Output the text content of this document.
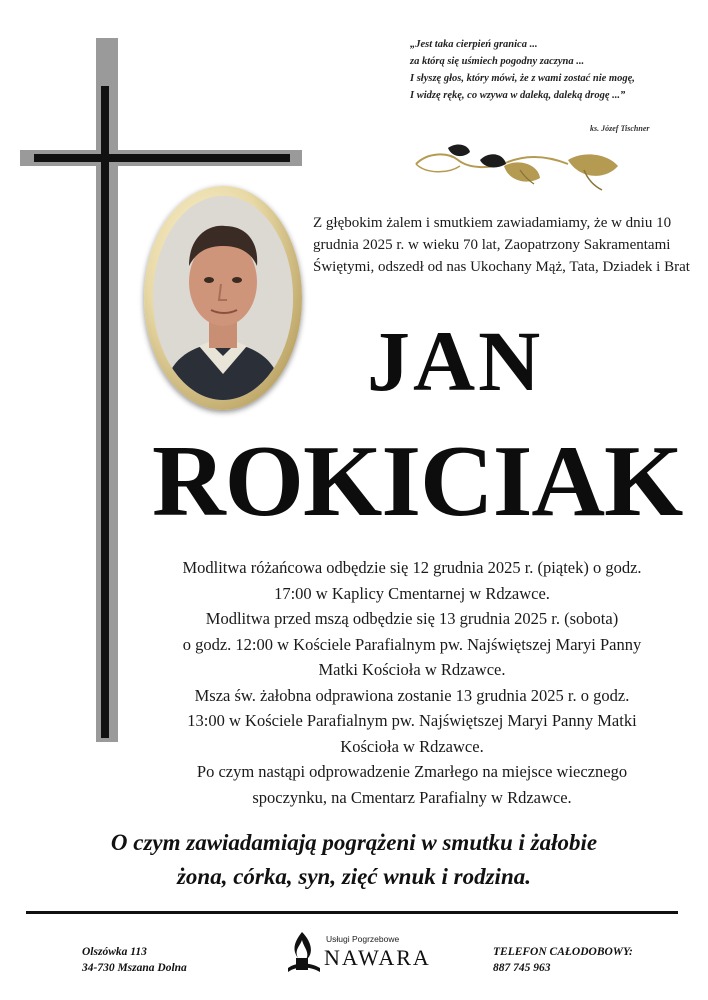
„Jest taka cierpień granica ...
za którą się uśmiech pogodny zaczyna ...
I słyszę głos, który mówi, że z wami zostać nie mogę,
I widzę rękę, co wzywa w daleką, daleką drogę ...”
ks. Józef Tischner
Z głębokim żalem i smutkiem zawiadamiamy, że w dniu 10 grudnia 2025 r. w wieku 70 lat, Zaopatrzony Sakramentami Świętymi, odszedł od nas Ukochany Mąż, Tata, Dziadek i Brat
JAN
ROKICIAK
Modlitwa różańcowa odbędzie się 12 grudnia 2025 r. (piątek) o godz.
17:00 w Kaplicy Cmentarnej w Rdzawce.
Modlitwa przed mszą odbędzie się 13 grudnia 2025 r. (sobota)
o godz. 12:00 w Kościele Parafialnym pw. Najświętszej Maryi Panny
Matki Kościoła w Rdzawce.
Msza św. żałobna odprawiona zostanie 13 grudnia 2025 r. o godz.
13:00 w Kościele Parafialnym pw. Najświętszej Maryi Panny Matki
Kościoła w Rdzawce.
Po czym nastąpi odprowadzenie Zmarłego na miejsce wiecznego
spoczynku, na Cmentarz Parafialny w Rdzawce.
O czym zawiadamiają pogrążeni w smutku i żałobie
żona, córka, syn, zięć wnuk i rodzina.
Olszówka 113
34-730 Mszana Dolna
Usługi Pogrzebowe
NAWARA	TELEFON CAŁODOBOWY:
887 745 963
